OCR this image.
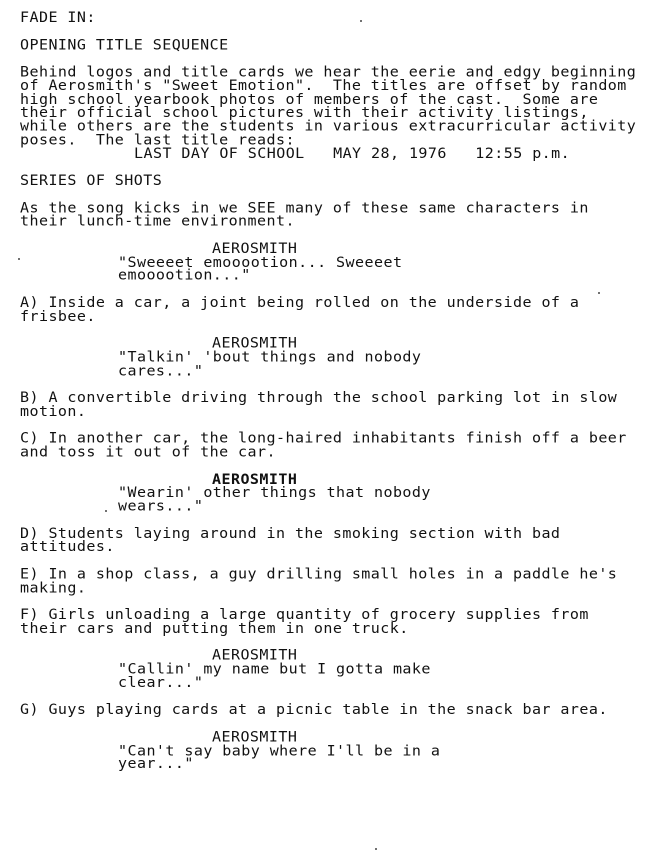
FADE IN:
OPENING TITLE SEQUENCE
Behind logos and title cards we hear the eerie and edgy beginning
of Aerosmith's "Sweet Emotion".  The titles are offset by random
high school yearbook photos of members of the cast.  Some are
their official school pictures with their activity listings,
while others are the students in various extracurricular activity
poses.  The last title reads:
LAST DAY OF SCHOOL   MAY 28, 1976   12:55 p.m.
SERIES OF SHOTS
As the song kicks in we SEE many of these same characters in
their lunch-time environment.
AEROSMITH
"Sweeeet emooootion... Sweeeet
emooootion..."
A) Inside a car, a joint being rolled on the underside of a
frisbee.
AEROSMITH
"Talkin' 'bout things and nobody
cares..."
B) A convertible driving through the school parking lot in slow
motion.
C) In another car, the long-haired inhabitants finish off a beer
and toss it out of the car.
AEROSMITH
"Wearin' other things that nobody
wears..."
D) Students laying around in the smoking section with bad
attitudes.
E) In a shop class, a guy drilling small holes in a paddle he's
making.
F) Girls unloading a large quantity of grocery supplies from
their cars and putting them in one truck.
AEROSMITH
"Callin' my name but I gotta make
clear..."
G) Guys playing cards at a picnic table in the snack bar area.
AEROSMITH
"Can't say baby where I'll be in a
year..."
